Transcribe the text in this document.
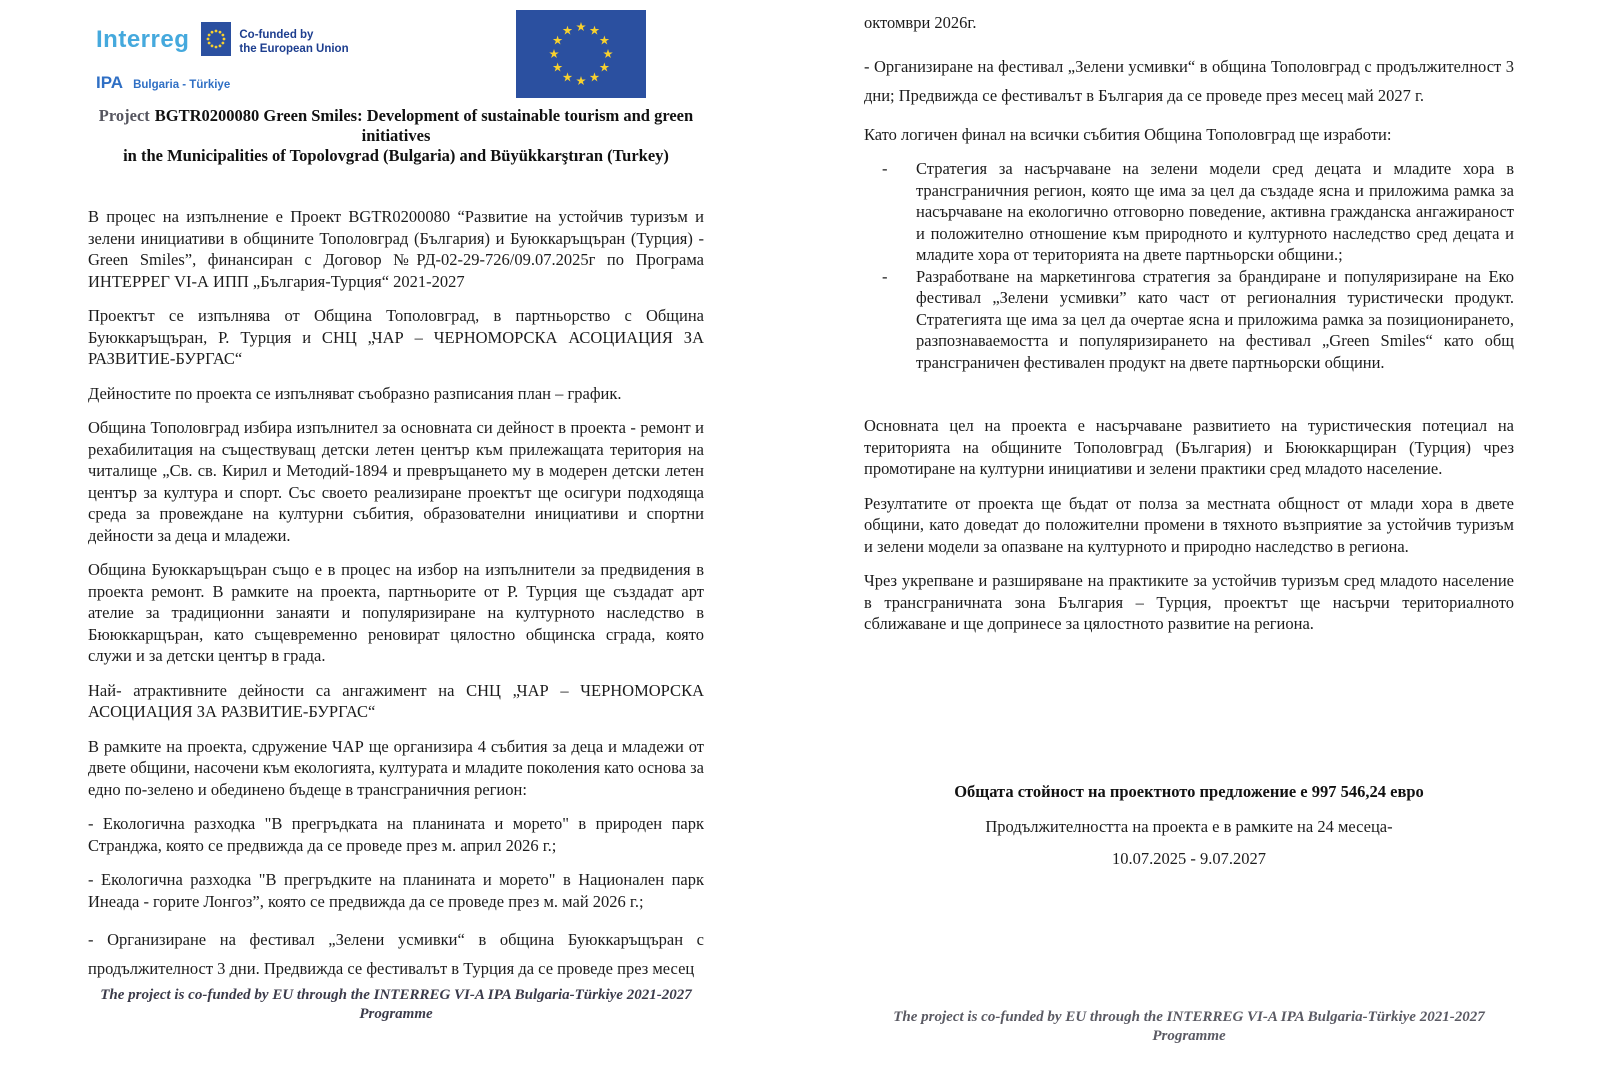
Interreg	Co-funded by
the European Union
IPA Bulgaria - Türkiye
Project BGTR0200080 Green Smiles: Development of sustainable tourism and green initiatives
in the Municipalities of Topolovgrad (Bulgaria) and Büyükkarştıran (Turkey)
В процес на изпълнение е Проект BGTR0200080 “Развитие на устойчив туризъм и зелени инициативи в общините Тополовград (България) и Буюккаръщъран (Турция) - Green Smiles”, финансиран с Договор №РД-02-29-726/09.07.2025г по Програма ИНТЕРРЕГ VI-А ИПП „България-Турция“ 2021-2027
Проектът се изпълнява от Община Тополовград, в партньорство с Община Буюккаръщъран, Р. Турция и СНЦ „ЧАР – ЧЕРНОМОРСКА АСОЦИАЦИЯ ЗА РАЗВИТИЕ-БУРГАС“
Дейностите по проекта се изпълняват съобразно разписания план – график.
Община Тополовград избира изпълнител за основната си дейност в проекта - ремонт и рехабилитация на съществуващ детски летен център към прилежащата територия на читалище „Св. св. Кирил и Методий-1894 и превръщането му в модерен детски летен център за култура и спорт. Със своето реализиране проектът ще осигури подходяща среда за провеждане на културни събития, образователни инициативи и спортни дейности за деца и младежи.
Община Буюккаръщъран също е в процес на избор на изпълнители за предвидения в проекта ремонт. В рамките на проекта, партньорите от Р. Турция ще създадат арт ателие за традиционни занаяти и популяризиране на културното наследство в Бююккарщъран, като същевременно реновират цялостно общинска сграда, която служи и за детски център в града.
Най- атрактивните дейности са ангажимент на СНЦ „ЧАР – ЧЕРНОМОРСКА АСОЦИАЦИЯ ЗА РАЗВИТИЕ-БУРГАС“
В рамките на проекта, сдружение ЧАР ще организира 4 събития за деца и младежи от двете общини, насочени към екологията, културата и младите поколения като основа за едно по-зелено и обединено бъдеще в трансграничния регион:
- Екологична разходка "В прегръдката на планината и морето" в природен парк Странджа, която се предвижда да се проведе през м. април 2026 г.;
- Екологична разходка "В прегръдките на планината и морето" в Национален парк Инеада - горите Лонгоз”, която се предвижда да се проведе през м. май 2026 г.;
- Организиране на фестивал „Зелени усмивки“ в община Буюккаръщъран с продължителност 3 дни. Предвижда се фестивалът в Турция да се проведе през месец
The project is co-funded by EU through the INTERREG VI-A IPA Bulgaria-Türkiye 2021-2027
Programme
октомври 2026г.
- Организиране на фестивал „Зелени усмивки“ в община Тополовград с продължителност 3 дни; Предвижда се фестивалът в България да се проведе през месец май 2027 г.
Като логичен финал на всички събития Община Тополовград ще изработи:
- Стратегия за насърчаване на зелени модели сред децата и младите хора в трансграничния регион, която ще има за цел да създаде ясна и приложима рамка за насърчаване на екологично отговорно поведение, активна гражданска ангажираност и положително отношение към природното и културното наследство сред децата и младите хора от територията на двете партньорски общини.;
- Разработване на маркетингова стратегия за брандиране и популяризиране на Еко фестивал „Зелени усмивки” като част от регионалния туристически продукт. Стратегията ще има за цел да очертае ясна и приложима рамка за позиционирането, разпознаваемостта и популяризирането на фестивал „Green Smiles“ като общ трансграничен фестивален продукт на двете партньорски общини.
Основната цел на проекта е насърчаване развитието на туристическия потециал на територията на общините Тополовград (България) и Бююккарщиран (Турция) чрез промотиране на културни инициативи и зелени практики сред младото население.
Резултатите от проекта ще бъдат от полза за местната общност от млади хора в двете общини, като доведат до положителни промени в тяхното възприятие за устойчив туризъм и зелени модели за опазване на културното и природно наследство в региона.
Чрез укрепване и разширяване на практиките за устойчив туризъм сред младото население в трансграничната зона България – Турция, проектът ще насърчи териториалното сближаване и ще допринесе за цялостното развитие на региона.
Общата стойност на проектното предложение е 997 546,24 евро
Продължителността на проекта е в рамките на 24 месеца-
10.07.2025 - 9.07.2027
The project is co-funded by EU through the INTERREG VI-A IPA Bulgaria-Türkiye 2021-2027
Programme
